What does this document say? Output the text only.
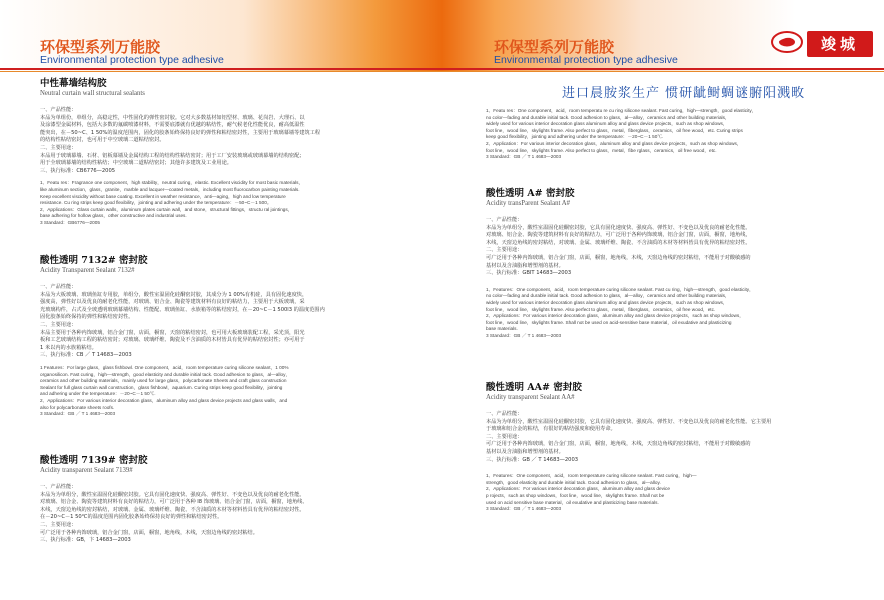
环保型系列万能胶
Environmental protection type adhesive
中性幕墙结构胶
Neutral curtain wall structural sealants
一、产品性能：
本品为单组份，单组分，高稳定性，中性固化的弹性密封胶。它对大多数基材如铝型材、玻璃、花岗岩、大理石、以
及涂漆型金属材料，包括大多数的氟碳喷漆材料，不需要底漆就有优越的粘结性，耐气候老化性能优良，耐高低温性
能突出，在－50~C、1 50%的温度范围内，固化的胶条始终保持良好的弹性和粘结密封性，主要用于玻璃幕墙等建筑工程
的结构性粘结密封，也可用于中空玻璃二道粘结密封。
二、主要用途：
本品用于玻璃幕墙、石材、铝板幕墙及金属结构工程的结构性粘结密封；用于工厂安装玻璃或玻璃幕墙的结构密配；
用于全玻璃幕墙的结构性粘结；中空玻璃二道粘结密封；其他许多建筑及工业用途。
三、执行标准：CB6776—2005
1、Featu res：Fragrance one component，high stability，neutral curing，elastic. Excellent viscidity for most basic materials，
like aluminum section，glass，granite，marble and lacquer—coated metals，including most fluorocarbon painting materials.
Keep excellent viscidity without base coating. Excellent in weather resistance，anti—aging，high and low temperature
resistance. Cu ring strips keep good flexibility，jointing and adhering under the temperature：－50~C－1 500。
2、Applications：Glass curtain walls，aluminum plates curtain wall，and stone，structural fittings，structu ral jointings，
base adhering for hollow glass，other constructive and industrial uses.
3 Standard：GB6776—2005
酸性透明 7132# 密封胶
Acidity Transparent Sealant 7132#
一、产品性能：
本品为大板玻璃、玻璃鱼缸专用胶，单组分，酸性室温固化硅酮密封胶，其成分为 1 00%有机硅，具有固化速度快，
强度高，弹性好以及优良的耐老化性能，对玻璃、铝合金、陶瓷等建筑材料有良好的粘结力，主要用于大板玻璃，采
光玻璃构件，占式及全玻透明玻璃幕墙结构、性能配、玻璃鱼缸、水族箱等的粘结密封，在－20~C－1 500l3 的温度范围内
固化胶条始终保持的弹性和粘结密封性。
二、主要用途：
本品主要用于各种内饰玻璃，铝合金门窗，店面，橱窗，天窗的粘结密封，也可用大板玻璃装配工程，采光顶，阳光
板和工艺玻璃结构工程的粘结密封；对玻璃、玻璃纤维、陶瓷及不含油质的木材皆具有优异的粘结密封性；亦可用于
1 米以内的水族箱粘结。
三、执行标准：CB ／ T 14683—2003
1 Features：For large glass，glass fishbowl. One component，acid，room temperature curing silicone sealant，1 00%
organosilicon. Fast curing，high—strength，good elasticity and durable initial tack. Good adhesion to glass，al—alloy，
ceramics and other building materials，mainly used for large glass，polycarbonate Sheets and craft glass construction
Sealant for full glass curtain wall construction，glass fishbowl，aquarium. Curing strips keep good flexibility，jointing
and adhering under the temperature：－20~C－1 50℃.
2、Applications：For various interior decoration glass，aluminum alloy and glass device projects and glass walls，and
also for polycarbonate sheets roofs.
3 Standard：GB ／ T 1 4683—2003
酸性透明 7139# 密封胶
Acidity transparent Sealant 7139#
一、产品性能：
本品为为单组分，酸性室温固化硅酮密封胶。它具有固化速度快、强度高、弹性好、不变色以及优良的耐老化性能。
对玻璃、铝合金、陶瓷等建筑材料有良好的粘结力，可广泛用于各种 I8 饰玻璃、铝合金门窗，店面，橱窗，地角线、
木线，天窗边角线的密封粘结，对玻璃、金属、玻璃纤维、陶瓷、不含油质的木材等材料皆具有优异的粘结密封性。
在－20~C－1 50℃的温度范围内固化胶条始终保持良好的弹性和粘结密封性。
二、主要用途：
可广泛用于各种内饰玻璃，铝合金门窗，店面，橱窗，地角线，木线，天窗边角线的密封粘结。
三、执行标准：GB，卞 14683—2003
环保型系列万能胶
Environmental protection type adhesive
竣城
进口晨胺浆生产 惯研龇鲥蜩谜腑阳溅畋
1、Featu res：One component，acid，room temperatu re cu ring silicone sealant. Fast curing，high—strength，good elasticity，
no color—fading and durable initial tack. Good adhesion to glass，al—alloy，ceramics and other building materials，
widely used for various interior decoration glass aluminum alloy and glass device projects，such as shop windows，
foot line，wood line，skylights frame. Also perfect to glass，metal，fiberglass，ceramics，oil free wood，etc. Curing strips
keep good flexibility，jointing and adhering under the temperature：－20~C－1 50℃.
2、Application：For various interior decoration glass，aluminum alloy and glass device projects，such as shop windows，
foot line，wood line，skylights frame. Also perfect to glass，metal，fibe rglass，ceramics，oil free wood，etc.
3 Standard：GB ／ T 1 4683—2003
酸性透明 A# 密封胶
Acidity transParent Sealant A#
一、产品性能：
本品为为单组分，酸性室温固化硅酮密封胶，它具有固化速度快、强度高、弹性好、不变色以及优良的耐老化性能。
对玻璃、铝合金、陶瓷等建筑材料有良好的粘结力，可广泛用于各种内饰玻璃，铝合金门窗，店面，橱窗，地角线，
木线，天窗边角线的密封粘结，对玻璃、金属、玻璃纤维、陶瓷、不含油质的木材等材料皆具有优异的粘结密封性。
二、主要用途：
可广泛用于各种内饰玻璃，铝合金门窗，店面，橱窗，地角线，木线，天窗边角线的密封粘结，不能用于对酸敏感的
基材以及含油脂和增塑剂的基材。
三、执行标准：GBIT 14683—2003
1、Features：One component，acid，room temperature curing silicone sealant. Fast cu ring，high—strength，good elasticity，
no color—fading and durable initial tack. Good adhesion to glass，al—alloy，ceramics and other building materials，
widely used for various interior decoration glass aluminum alloy and glass device projects，such as shop windows，
foot line，wood line，skylights frame. Also perfect to glass，metal，fiberglass，ceramics，oil free wood，etc.
2、Applications：For various interior decoration glass，aluminum alloy and glass device projects，such as shop windows，
foot line，wood line，skylights frame. Shall not be used on acid-sensitive base material，oil exudative and plasticizing
base materials.
3 Standard：GB ／ T 1 4683—2003
酸性透明 AA# 密封胶
Acidity transparent Sealant AA#
一、产品性能：
本品为为单组分，酸性室温固化硅酮密封胶，它具有固化速度快、强度高、弹性好、不变色以及优良的耐老化性能。它主要用
于玻璃和铝合金的粘结，有很好的粘结强度和使用寿命。
二、主要用途：
可广泛用于各种内饰玻璃，铝合金门窗，店面，橱窗，地角线，木线，天窗边角线的密封粘结，不能用于对酸敏感的
基材以及含油脂和增塑剂的基材。
三、执行标准：GB ／ T 14683—2003
1、Features：One component，acid，room temperature curing silicone sealant. Fast curing，high—
strength，good elasticity and durable initial tack. Good adhesion to glass，al—alloy.
2、Applications：For various interior decoration glass，aluminum alloy and glass device
p rojects，such as shop windows，foot line，wood line，skylights frame. Shall not be
used on acid sensitive base material，oil exudative and plasticizing base materials.
3 Standard：GB ／ T 1 4683—2003
